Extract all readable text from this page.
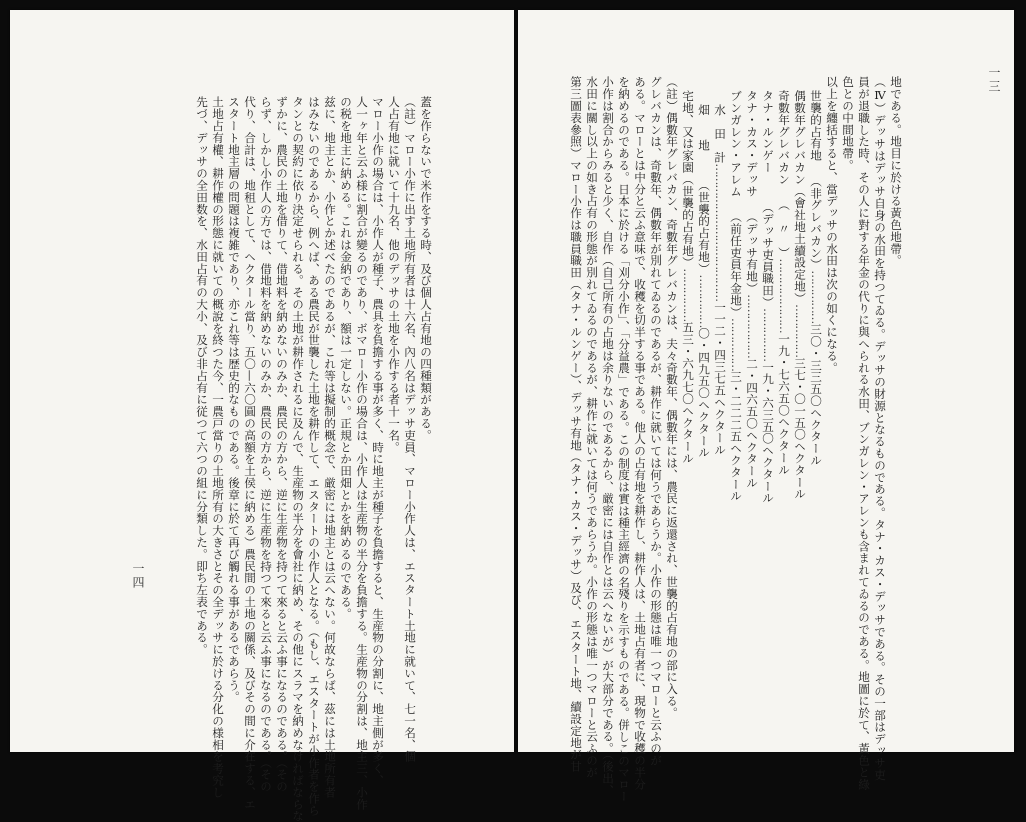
蓋を作らないで米作をする時、及び個人占有地の四種類がある。

（註）マロー小作に出す土地所有者は十六名、內八名はデッサ吏員、マロー小作人は、エスタート土地に就いて、七一名、個

人占有地に就いて十九名、他のデッサの土地を小作する者十一名。

マロー小作の場合は、小作人が種子、農具を負擔する事が多く、時に地主が種子を負擔すると、生産物の分割に、地主側が多く、

人一ヶ年と云ふ様に割合が變るのであり、ボマロー小作の場合は、小作人は生産物の半分を負擔する。生産物の分割は、地主三、小作

の税を地主に納める。これは金納であり、額は一定しない。正規とか田畑とかを納めるのである。

兹に、地主とか、小作とか述べたのであるが、これ等は擬制的概念で、厳密には地主とは云へない。何故ならば、茲には土地所有者

はみないのであるから、例へば、ある農民が世襲した土地を耕作して、エスタートの小作人となる。（もし、エスタートが小作者を作ら

タンとの契約に依り決定せられる。その土地が耕作されるに及んで、生産物の半分を會社に納め、その他にスラマを納めなければならな

ずかに、農民の土地を借りて、借地料を納めないのみか、農民の方から、逆に生産物を持つて來ると云ふ事になるのである。（その

らず、しかし小作人の方では、借地料を納めないのみか、農民の方から、逆に生産物を持つて來ると云ふ事になるのである。（その

代り、合計は、地租として、ヘクタール當り、五〇—六〇圓の高額を土侯に納める）農民間の土地の關係、及びその間に介在する、エ

スタート地主層の問題は複雑であり、亦これ等は歴史的なものである。後章に於て再び觸れる事があるであらう。

土地占有權、耕作權の形態に就いての概說を終つた今、一農戸當りの土地所有の大きさとその全デッサに於ける分化の様相を考究し

先づ、デッサの全田数を、水田占有の大小、及び非占有に従つて六つの組に分類した。即ち左表である。

一四
一三

地である。地目に於ける黃色地帶。

（Ⅳ）デッサはデッサ自身の水田を持つてゐる。デッサの財源となるものである。タナ・カス・デッサである。その一部はデッサ吏

員が退職した時、その人に對する年金の代りに與へられる水田、ブンガレン・アレンも含まれてゐるのである。地圖に於て、黃色と綠

色との中間地帶。

以上を纏括すると、當デッサの水田は次の如くになる。

世襲的占有地（非グレバカン）……………三〇・三三五〇ヘクタール

偶數年グレバカン（會社地土續設定地）……………三七・〇一五〇ヘクタール

奇數年グレバカン（　〃　）…………………一九・七六五〇ヘクタール

タナ・ルンゲー（デッサ吏員職田）……………一九・六三五〇ヘクタール

タナ・カス・デッサ（デッサ有地）………………二・四六五〇ヘクタール

ブンガレン・アレム（前任吏員年金地）……………三・二二二五ヘクタール

水　田　計…………………………………一一二・四三七五ヘクタール

畑　　地（世襲的占有地）……………〇・四九五〇ヘクタール

宅地、又は家園（世襲的占有地）……………五三・六九七〇ヘクタール

（註）偶數年グレバカン、奇數年グレバカンは、夫々奇數年、偶數年には、農民に返還され、世襲的占有地の部に入る。

グレバカンは、奇數年、偶數年が別れてゐるのであるが、耕作に就いては何うであらうか。小作の形態は唯一つマローと云ふのが

ある。マローとは中分と云ふ意味で、收穫を切半する事である。他人の占有地を耕作し、耕作人は、土地占有者に、現物で收穫の半分

を納めるのである。日本に於ける「刈分小作」、「分益農」である。この制度は實は種主經濟の名殘りを示すものである。併しこのマロー

小作は割合からみると少く、自作（自己所有の占地は余りないのであるから、厳密には自作とは云へないが）が大部分である。（後出、

水田に關し以上の如き占有の形態が別れてゐるのであるが、耕作に就いては何うであらうか。小作の形態は唯一つマローと云ふのが

第三圖表參照）マロー小作は職員職田（タナ・ルンゲー）、デッサ有地（タナ・カス・デッサ）及び、エスタート地、續設定地が甘
